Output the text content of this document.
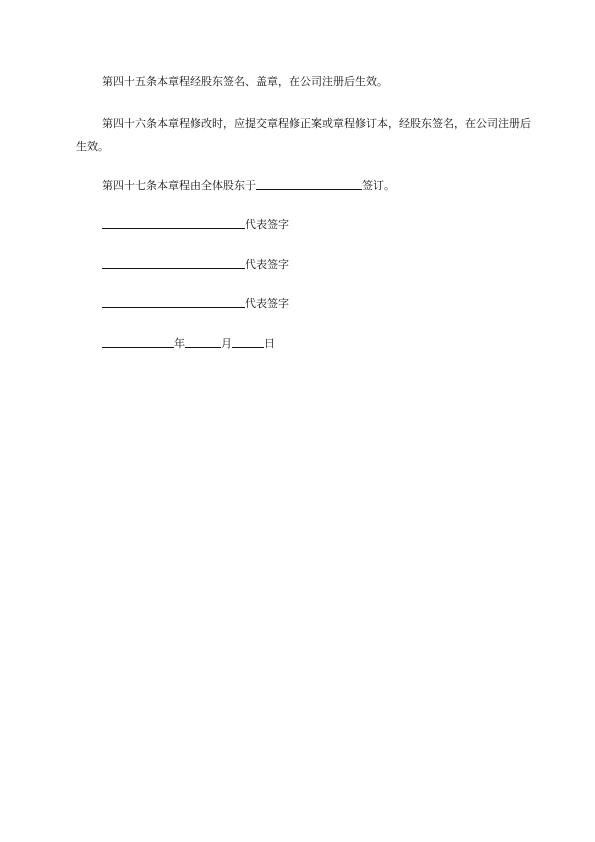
第四十五条本章程经股东签名、盖章，在公司注册后生效。

第四十六条本章程修改时，应提交章程修正案或章程修订本，经股东签名，在公司注册后生效。

第四十七条本章程由全体股东于	签订。
代表签字
代表签字
代表签字
年	月	日
